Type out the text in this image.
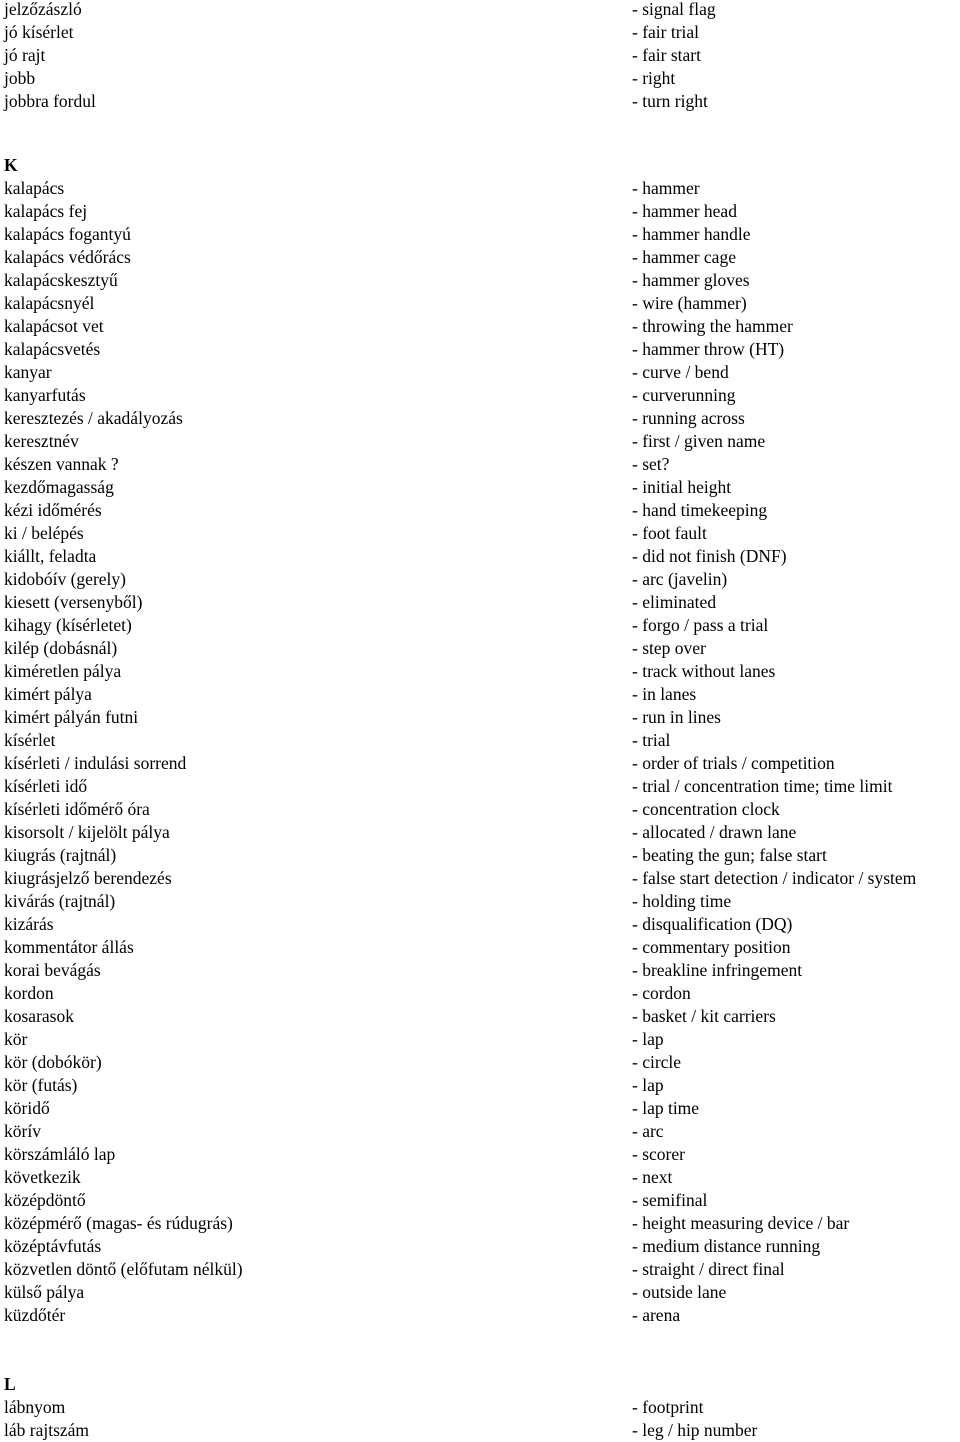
jelzőzászló	- signal flag
jó kísérlet	- fair trial
jó rajt	- fair start
jobb	- right
jobbra fordul	- turn right
K
kalapács	- hammer
kalapács fej	- hammer head
kalapács fogantyú	- hammer handle
kalapács védőrács	- hammer cage
kalapácskesztyű	- hammer gloves
kalapácsnyél	- wire (hammer)
kalapácsot vet	- throwing the hammer
kalapácsvetés	- hammer throw (HT)
kanyar	- curve / bend
kanyarfutás	- curverunning
keresztezés / akadályozás	- running across
keresztnév	- first / given name
készen vannak ?	- set?
kezdőmagasság	- initial height
kézi időmérés	- hand timekeeping
ki / belépés	- foot fault
kiállt, feladta	- did not finish (DNF)
kidobóív (gerely)	- arc (javelin)
kiesett (versenyből)	- eliminated
kihagy (kísérletet)	- forgo / pass a trial
kilép (dobásnál)	- step over
kiméretlen pálya	- track without lanes
kimért pálya	- in lanes
kimért pályán futni	- run in lines
kísérlet	- trial
kísérleti / indulási sorrend	- order of trials / competition
kísérleti idő	- trial / concentration time; time limit
kísérleti időmérő óra	- concentration clock
kisorsolt / kijelölt pálya	- allocated / drawn lane
kiugrás (rajtnál)	- beating the gun; false start
kiugrásjelző berendezés	- false start detection / indicator / system
kivárás (rajtnál)	- holding time
kizárás	- disqualification (DQ)
kommentátor állás	- commentary position
korai bevágás	- breakline infringement
kordon	- cordon
kosarasok	- basket / kit carriers
kör	- lap
kör (dobókör)	- circle
kör (futás)	- lap
köridő	- lap time
körív	- arc
körszámláló lap	- scorer
következik	- next
középdöntő	- semifinal
középmérő (magas- és rúdugrás)	- height measuring device / bar
középtávfutás	- medium distance running
közvetlen döntő (előfutam nélkül)	- straight / direct final
külső pálya	- outside lane
küzdőtér	- arena
L
lábnyom	- footprint
láb rajtszám	- leg / hip number
